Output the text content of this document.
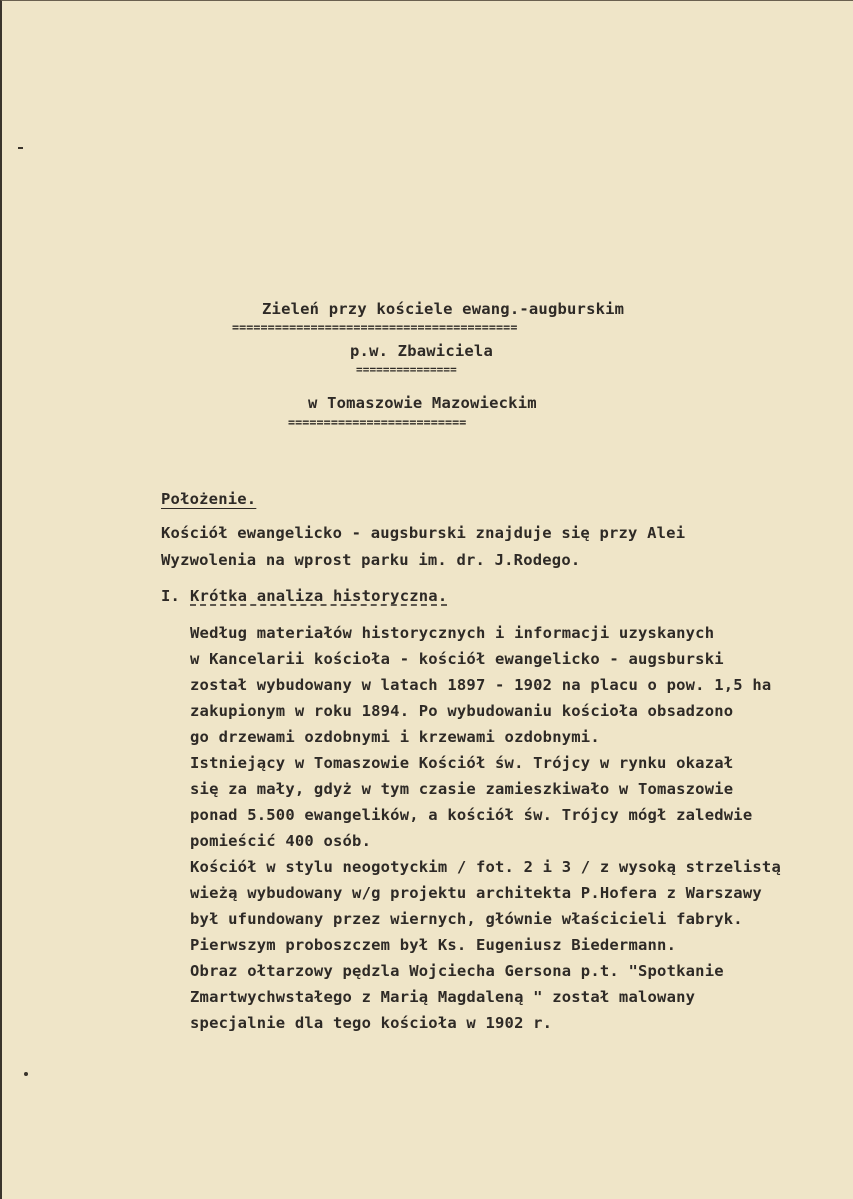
Zieleń przy kościele ewang.-augburskim
========================================
p.w. Zbawiciela
===============
w Tomaszowie Mazowieckim
=========================
Położenie.
Kościół ewangelicko - augsburski znajduje się przy Alei
Wyzwolenia na wprost parku im. dr. J.Rodego.
I. Krótka analiza historyczna.
Według materiałów historycznych i informacji uzyskanych
w Kancelarii kościoła - kościół ewangelicko - augsburski
został wybudowany w latach 1897 - 1902 na placu o pow. 1,5 ha
zakupionym w roku 1894. Po wybudowaniu kościoła obsadzono
go drzewami ozdobnymi i krzewami ozdobnymi.
Istniejący w Tomaszowie Kościół św. Trójcy w rynku okazał
się za mały, gdyż w tym czasie zamieszkiwało w Tomaszowie
ponad 5.500 ewangelików, a kościół św. Trójcy mógł zaledwie
pomieścić 400 osób.
Kościół w stylu neogotyckim / fot. 2 i 3 / z wysoką strzelistą
wieżą wybudowany w/g projektu architekta P.Hofera z Warszawy
był ufundowany przez wiernych, głównie właścicieli fabryk.
Pierwszym proboszczem był Ks. Eugeniusz Biedermann.
Obraz ołtarzowy pędzla Wojciecha Gersona p.t. "Spotkanie
Zmartwychwstałego z Marią Magdaleną " został malowany
specjalnie dla tego kościoła w 1902 r.
